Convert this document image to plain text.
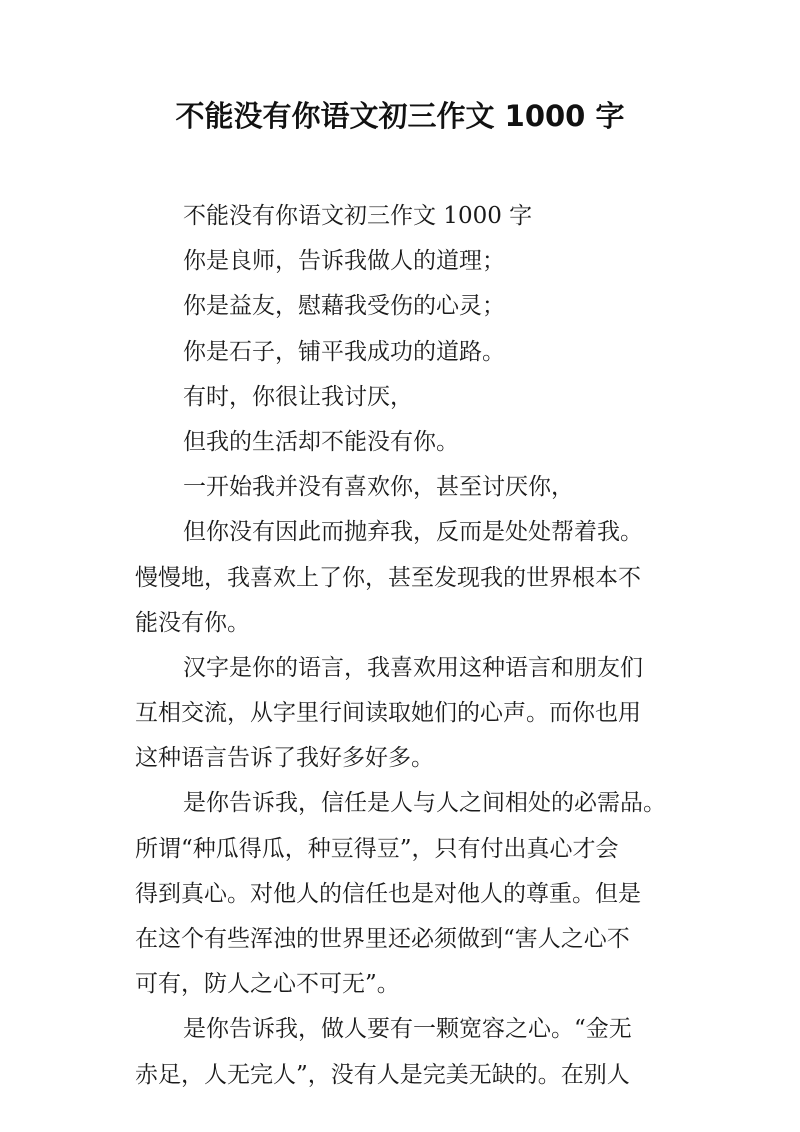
不能没有你语文初三作文 1000 字
不能没有你语文初三作文 1000 字
你是良师，告诉我做人的道理；
你是益友，慰藉我受伤的心灵；
你是石子，铺平我成功的道路。
有时，你很让我讨厌，
但我的生活却不能没有你。
一开始我并没有喜欢你，甚至讨厌你，
但你没有因此而抛弃我，反而是处处帮着我。
慢慢地，我喜欢上了你，甚至发现我的世界根本不
能没有你。
汉字是你的语言，我喜欢用这种语言和朋友们
互相交流，从字里行间读取她们的心声。而你也用
这种语言告诉了我好多好多。
是你告诉我，信任是人与人之间相处的必需品。
所谓“种瓜得瓜，种豆得豆”，只有付出真心才会
得到真心。对他人的信任也是对他人的尊重。但是
在这个有些浑浊的世界里还必须做到“害人之心不
可有，防人之心不可无”。
是你告诉我，做人要有一颗宽容之心。“金无
赤足，人无完人”，没有人是完美无缺的。在别人
